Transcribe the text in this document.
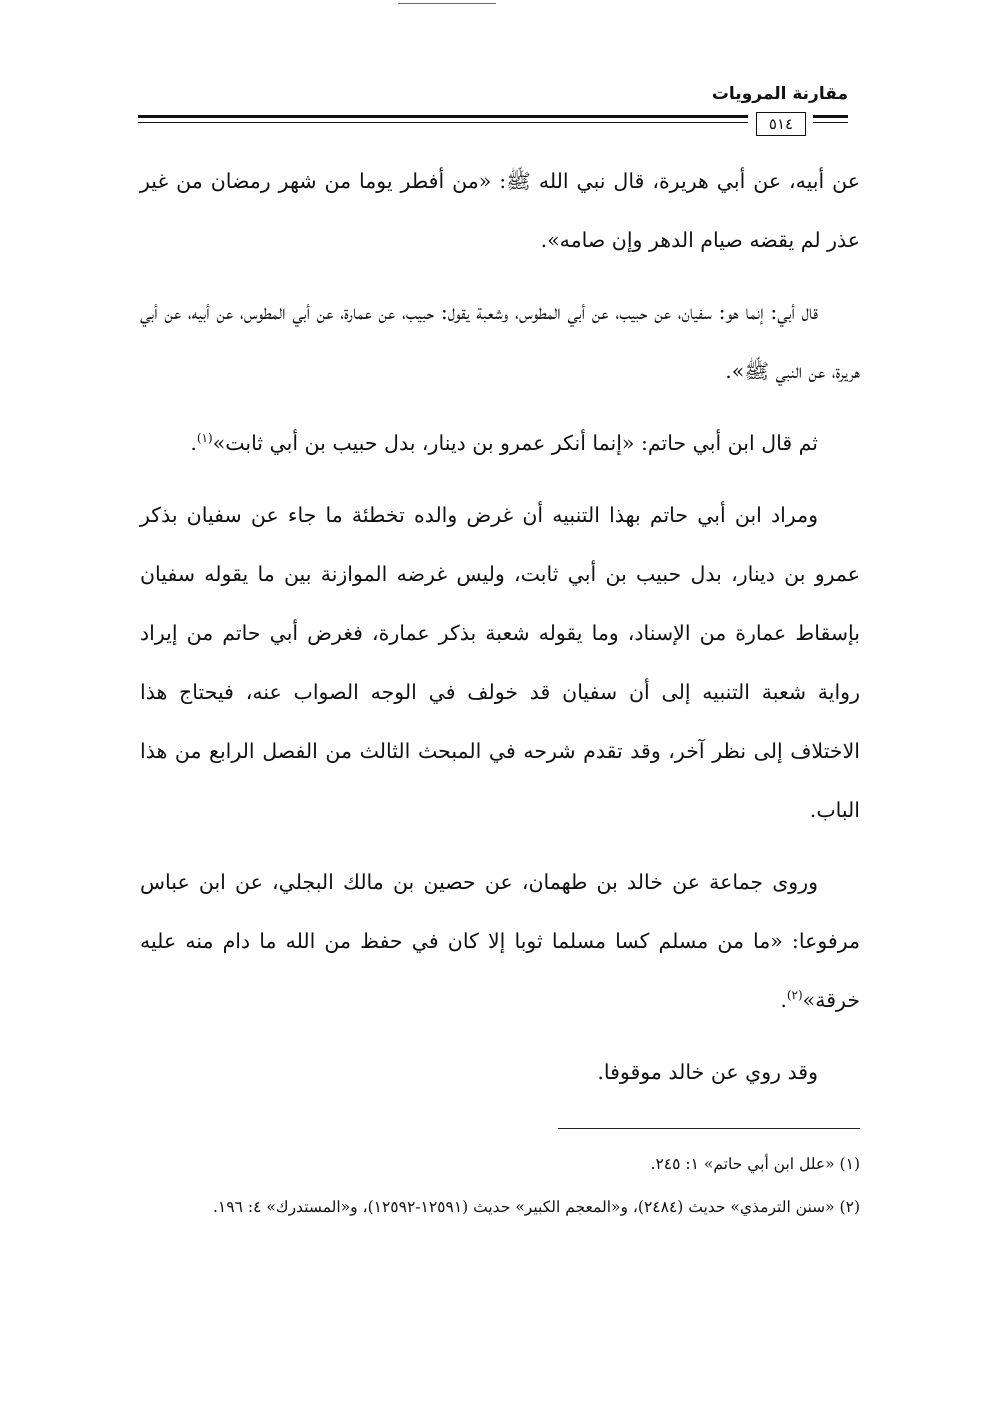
مقارنة المرويات
٥١٤

عن أبيه، عن أبي هريرة، قال نبي الله ﷺ: «من أفطر يوما من شهر رمضان من غير عذر لم يقضه صيام الدهر وإن صامه».

قال أبي: إنما هو: سفيان، عن حبيب، عن أبي المطوس، وشعبة يقول: حبيب، عن عمارة، عن أبي المطوس، عن أبيه، عن أبي هريرة، عن النبي ﷺ».

ثم قال ابن أبي حاتم: «إنما أنكر عمرو بن دينار، بدل حبيب بن أبي ثابت»$^{(١)}$.

ومراد ابن أبي حاتم بهذا التنبيه أن غرض والده تخطئة ما جاء عن سفيان بذكر عمرو بن دينار، بدل حبيب بن أبي ثابت، وليس غرضه الموازنة بين ما يقوله سفيان بإسقاط عمارة من الإسناد، وما يقوله شعبة بذكر عمارة، فغرض أبي حاتم من إيراد رواية شعبة التنبيه إلى أن سفيان قد خولف في الوجه الصواب عنه، فيحتاج هذا الاختلاف إلى نظر آخر، وقد تقدم شرحه في المبحث الثالث من الفصل الرابع من هذا الباب.

وروى جماعة عن خالد بن طهمان، عن حصين بن مالك البجلي، عن ابن عباس مرفوعا: «ما من مسلم كسا مسلما ثوبا إلا كان في حفظ من الله ما دام منه عليه خرقة»$^{(٢)}$.

وقد روي عن خالد موقوفا.

(١) «علل ابن أبي حاتم» ١: ٢٤٥.

(٢) «سنن الترمذي» حديث (٢٤٨٤)، و«المعجم الكبير» حديث (١٢٥٩١-١٢٥٩٢)، و«المستدرك» ٤: ١٩٦.
